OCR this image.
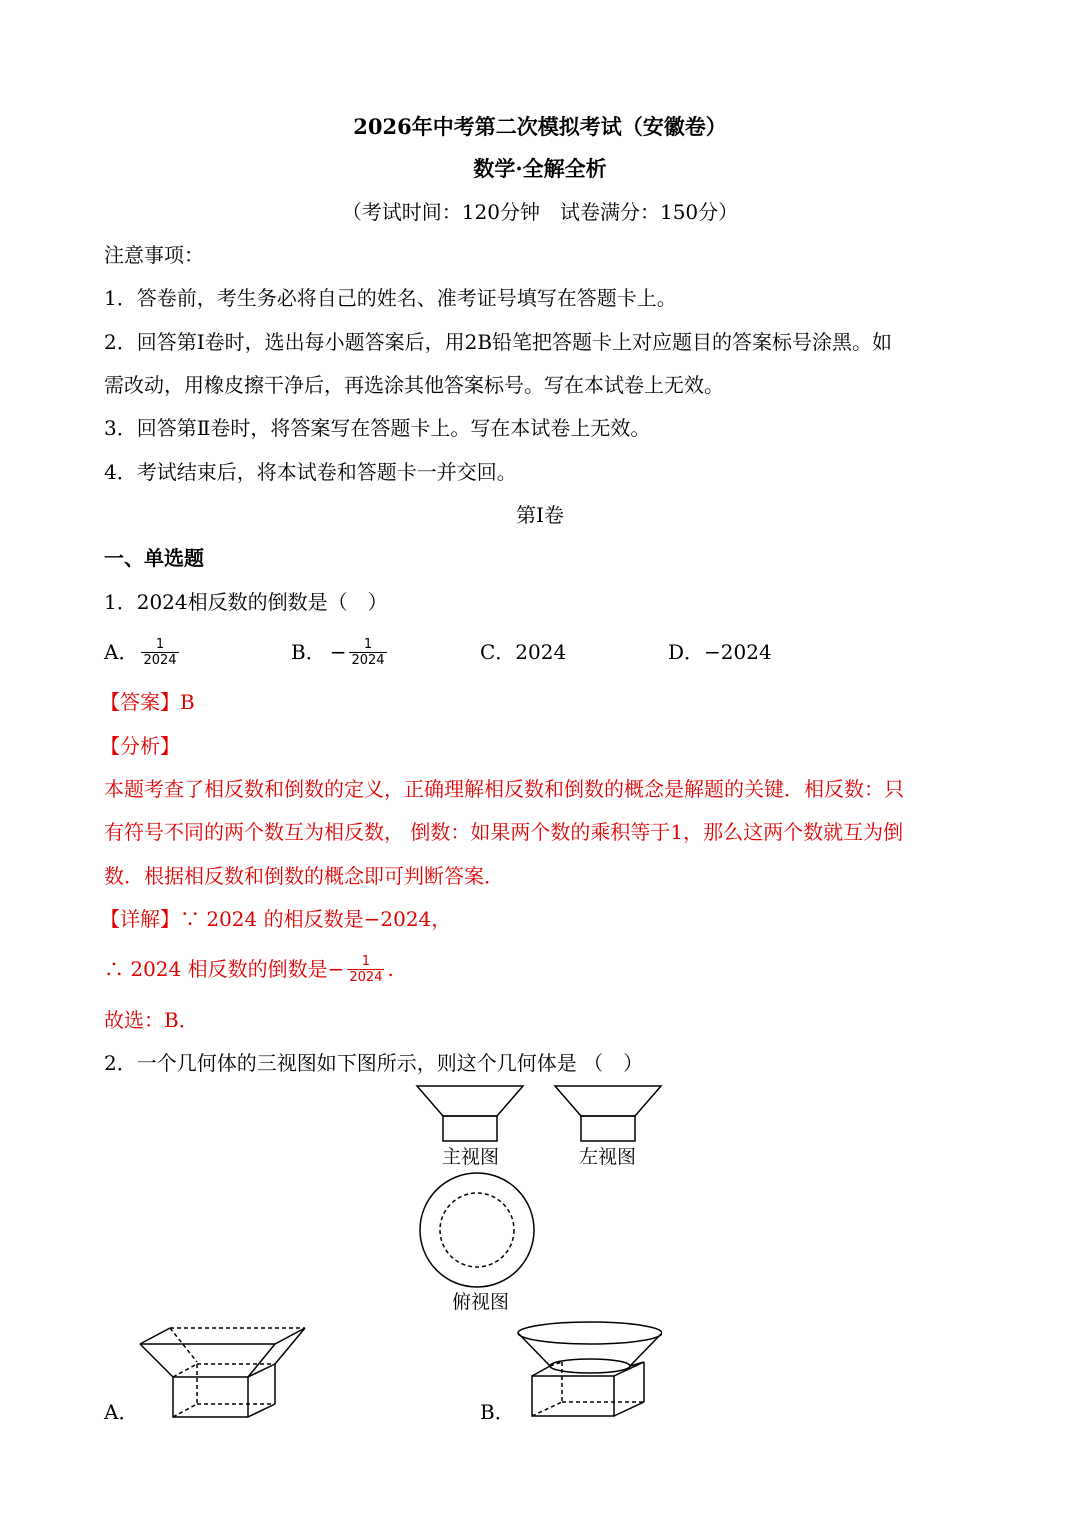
2026年中考第二次模拟考试（安徽卷）
数学·全解全析
（考试时间：120分钟　试卷满分：150分）
注意事项：
1．答卷前，考生务必将自己的姓名、准考证号填写在答题卡上。
2．回答第Ⅰ卷时，选出每小题答案后，用2B铅笔把答题卡上对应题目的答案标号涂黑。如
需改动，用橡皮擦干净后，再选涂其他答案标号。写在本试卷上无效。
3．回答第Ⅱ卷时，将答案写在答题卡上。写在本试卷上无效。
4．考试结束后，将本试卷和答题卡一并交回。
第Ⅰ卷
一、单选题
1．2024相反数的倒数是（　）
A． $\frac{1}{2024}$	B． − $\frac{1}{2024}$	C．2024	D．−2024
【答案】B
【分析】
本题考查了相反数和倒数的定义，正确理解相反数和倒数的概念是解题的关键．相反数：只
有符号不同的两个数互为相反数， 倒数：如果两个数的乘积等于1，那么这两个数就互为倒
数．根据相反数和倒数的概念即可判断答案．
【详解】∵ 2024 的相反数是−2024，
∴ 2024 相反数的倒数是− $\frac{1}{2024}$ .
故选：B．
2．一个几何体的三视图如下图所示，则这个几何体是 （　）
主视图	左视图
俯视图
A．	B．
